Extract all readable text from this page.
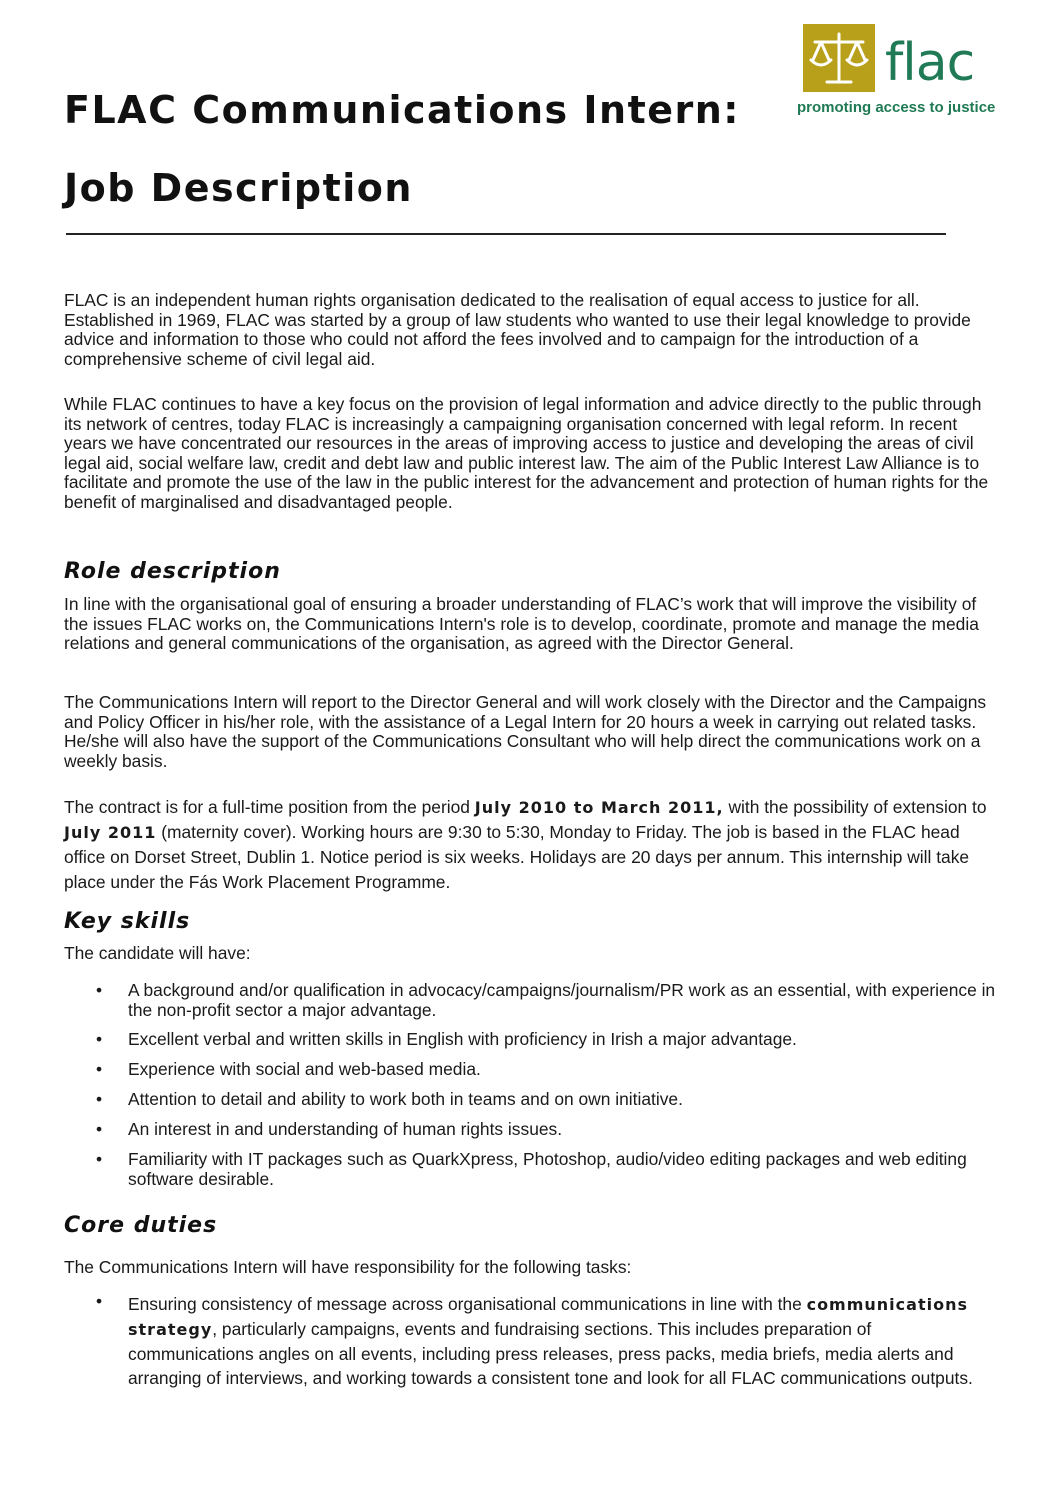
flac
promoting access to justice
FLAC Communications Intern:
Job Description

FLAC is an independent human rights organisation dedicated to the realisation of equal access to justice for all. Established in 1969, FLAC was started by a group of law students who wanted to use their legal knowledge to provide advice and information to those who could not afford the fees involved and to campaign for the introduction of a comprehensive scheme of civil legal aid.

While FLAC continues to have a key focus on the provision of legal information and advice directly to the public through its network of centres, today FLAC is increasingly a campaigning organisation concerned with legal reform. In recent years we have concentrated our resources in the areas of improving access to justice and developing the areas of civil legal aid, social welfare law, credit and debt law and public interest law. The aim of the Public Interest Law Alliance is to facilitate and promote the use of the law in the public interest for the advancement and protection of human rights for the benefit of marginalised and disadvantaged people.

Role description

In line with the organisational goal of ensuring a broader understanding of FLAC’s work that will improve the visibility of the issues FLAC works on, the Communications Intern's role is to develop, coordinate, promote and manage the media relations and general communications of the organisation, as agreed with the Director General.

The Communications Intern will report to the Director General and will work closely with the Director and the Campaigns and Policy Officer in his/her role, with the assistance of a Legal Intern for 20 hours a week in carrying out related tasks. He/she will also have the support of the Communications Consultant who will help direct the communications work on a weekly basis.

The contract is for a full-time position from the period July 2010 to March 2011, with the possibility of extension to July 2011 (maternity cover). Working hours are 9:30 to 5:30, Monday to Friday. The job is based in the FLAC head office on Dorset Street, Dublin 1. Notice period is six weeks. Holidays are 20 days per annum. This internship will take place under the Fás Work Placement Programme.

Key skills

The candidate will have:

• A background and/or qualification in advocacy/campaigns/journalism/PR work as an essential, with experience in the non-profit sector a major advantage.
• Excellent verbal and written skills in English with proficiency in Irish a major advantage.
• Experience with social and web-based media.
• Attention to detail and ability to work both in teams and on own initiative.
• An interest in and understanding of human rights issues.
• Familiarity with IT packages such as QuarkXpress, Photoshop, audio/video editing packages and web editing software desirable.
Core duties

The Communications Intern will have responsibility for the following tasks:

• Ensuring consistency of message across organisational communications in line with the communications strategy, particularly campaigns, events and fundraising sections. This includes preparation of communications angles on all events, including press releases, press packs, media briefs, media alerts and arranging of interviews, and working towards a consistent tone and look for all FLAC communications outputs.
